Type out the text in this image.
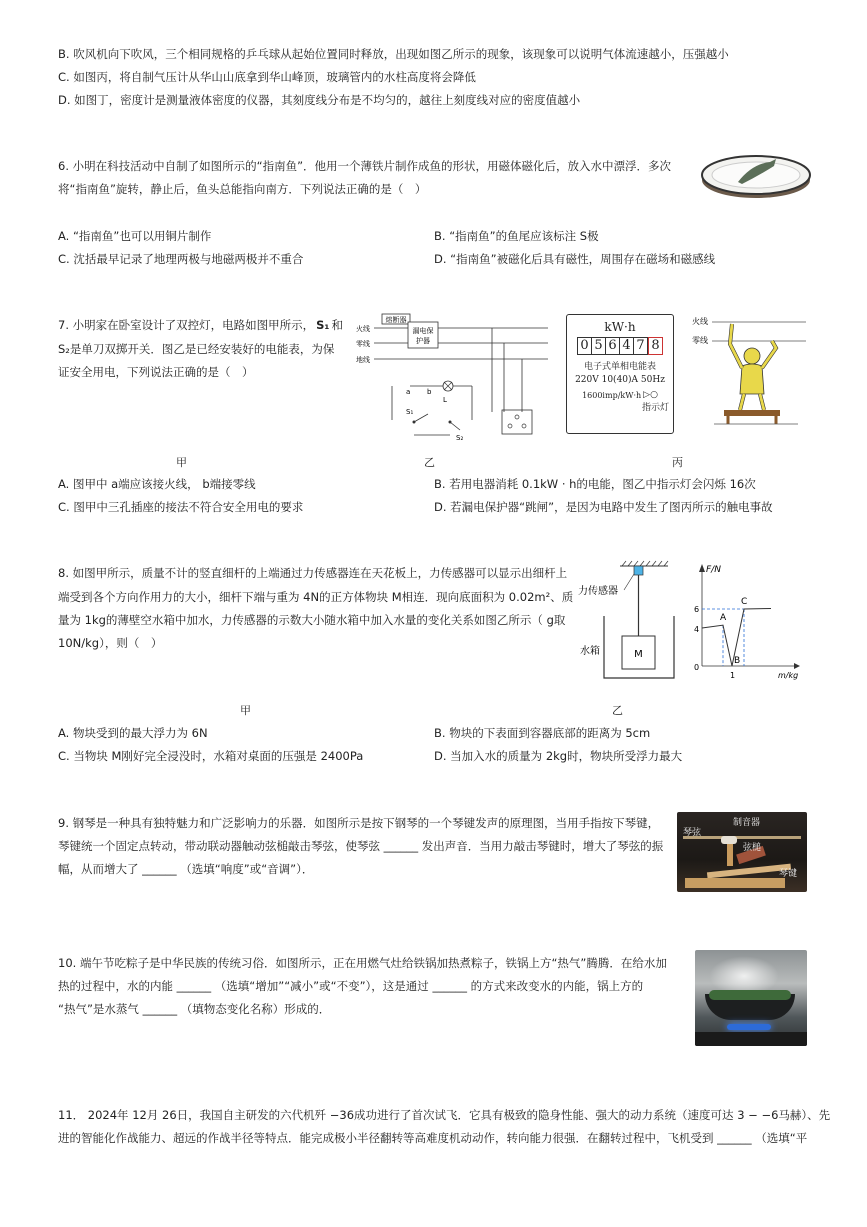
B. 吹风机向下吹风，三个相同规格的乒乓球从起始位置同时释放，出现如图乙所示的现象，该现象可以说明气体流速越小，压强越小
C. 如图丙，将自制气压计从华山山底拿到华山峰顶，玻璃管内的水柱高度将会降低
D. 如图丁，密度计是测量液体密度的仪器，其刻度线分布是不均匀的，越往上刻度线对应的密度值越小
6. 小明在科技活动中自制了如图所示的“指南鱼”．他用一个薄铁片制作成鱼的形状，用磁体磁化后，放入水中漂浮．多次
将“指南鱼”旋转，静止后，鱼头总能指向南方．下列说法正确的是（　）
A. “指南鱼”也可以用铜片制作	B. “指南鱼”的鱼尾应该标注 S极
C. 沈括最早记录了地理两极与地磁两极并不重合	D. “指南鱼”被磁化后具有磁性，周围存在磁场和磁感线
7. 小明家在卧室设计了双控灯，电路如图甲所示， S₁ 和
S₂是单刀双掷开关．图乙是已经安装好的电能表，为保
证安全用电，下列说法正确的是（　）
熔断器
火线
零线
地线
漏电保
护器
a b
L
S₁
S₂
kW·h
0 5 6 4 7 8
电子式单相电能表
220V 10(40)A 50Hz
1600imp/kW·h ▷○
指示灯
火线
零线
甲	乙	丙
A. 图甲中 a端应该接火线， b端接零线	B. 若用电器消耗 0.1kW · h的电能，图乙中指示灯会闪烁 16次
C. 图甲中三孔插座的接法不符合安全用电的要求	D. 若漏电保护器“跳闸”，是因为电路中发生了图丙所示的触电事故
8. 如图甲所示，质量不计的竖直细杆的上端通过力传感器连在天花板上，力传感器可以显示出细杆上
端受到各个方向作用力的大小，细杆下端与重为 4N的正方体物块 M相连．现向底面积为 0.02m²、质
量为 1kg的薄壁空水箱中加水，力传感器的示数大小随水箱中加入水量的变化关系如图乙所示（ g取
10N/kg），则（　）
力传感器
M
水箱
F/N
m/kg
0
4
6
1
A
B
C
甲	乙
A. 物块受到的最大浮力为 6N	B. 物块的下表面到容器底部的距离为 5cm
C. 当物块 M刚好完全浸没时，水箱对桌面的压强是 2400Pa	D. 当加入水的质量为 2kg时，物块所受浮力最大
9. 钢琴是一种具有独特魅力和广泛影响力的乐器．如图所示是按下钢琴的一个琴键发声的原理图，当用手指按下琴键，
琴键统一个固定点转动，带动联动器触动弦槌敲击琴弦，使琴弦 ______ 发出声音．当用力敲击琴键时，增大了琴弦的振
幅，从而增大了 ______ （选填“响度”或“音调”）．
制音器
琴弦
弦槌
琴键
10. 端午节吃粽子是中华民族的传统习俗．如图所示，正在用燃气灶给铁锅加热煮粽子，铁锅上方“热气”腾腾．在给水加
热的过程中，水的内能 ______ （选填“增加”“减小”或“不变”），这是通过 ______ 的方式来改变水的内能，锅上方的
“热气”是水蒸气 ______ （填物态变化名称）形成的．
11． 2024年 12月 26日，我国自主研发的六代机歼 −36成功进行了首次试飞．它具有极致的隐身性能、强大的动力系统（速度可达 3 − −6马赫）、先
进的智能化作战能力、超远的作战半径等特点．能完成极小半径翻转等高难度机动动作，转向能力很强．在翻转过程中，飞机受到 ______ （选填“平
